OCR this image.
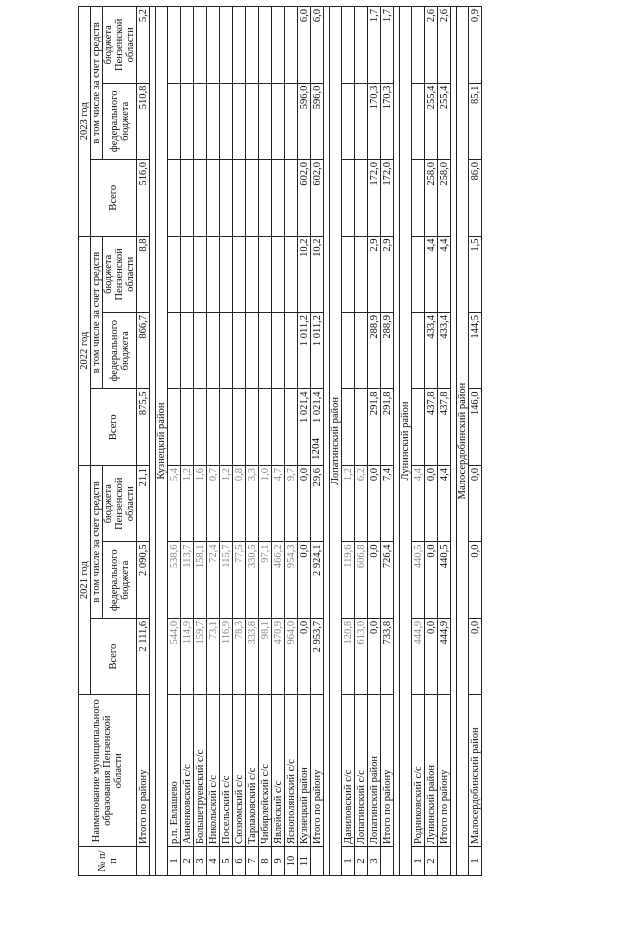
1204
№ п/п	Наименование муниципального образования Пензенской области	2021 год			2022 год			2023 год		
		Всего	в том числе за счет средств		Всего	в том числе за счет средств		Всего	в том числе за счет средств	
			федерального бюджета	бюджета Пензенской области		федерального бюджета	бюджета Пензенской области		федерального бюджета	бюджета Пензенской области
	Итого по району	2 111,6	2 090,5	21,1	875,5	866,7	8,8	516,0	510,8	5,2

Кузнецкий район										
1	р.п. Евлашево	544,0	538,6	5,4						
2	Анненковский с/с	114,9	113,7	1,2						
3	Большетруевский с/с	159,7	158,1	1,6						
4	Никольский с/с	73,1	72,4	0,7						
5	Посельский с/с	116,9	115,7	1,2						
6	Сюзюмский с/с	78,3	77,5	0,8						
7	Тарлаковский с/с	333,8	330,5	3,3						
8	Чибирлейский с/с	98,1	97,1	1,0						
9	Явлейский с/с	470,9	466,2	4,7						
10	Яснополянский с/с	964,0	954,3	9,7						
11	Кузнецкий район	0,0	0,0	0,0	1 021,4	1 011,2	10,2	602,0	596,0	6,0
	Итого по району	2 953,7	2 924,1	29,6	1 021,4	1 011,2	10,2	602,0	596,0	6,0

Лопатинский район										
1	Даниловский с/с	120,8	119,6	1,2						
2	Лопатинский с/с	613,0	606,8	6,2						
3	Лопатинский район	0,0	0,0	0,0	291,8	288,9	2,9	172,0	170,3	1,7
	Итого по району	733,8	726,4	7,4	291,8	288,9	2,9	172,0	170,3	1,7

Лунинский район										
1	Родниковский с/с	444,9	440,5	4,4						
2	Лунинский район	0,0	0,0	0,0	437,8	433,4	4,4	258,0	255,4	2,6
	Итого по району	444,9	440,5	4,4	437,8	433,4	4,4	258,0	255,4	2,6

Малосердобинский район										
1	Малосердобинский район	0,0	0,0	0,0	146,0	144,5	1,5	86,0	85,1	0,9
